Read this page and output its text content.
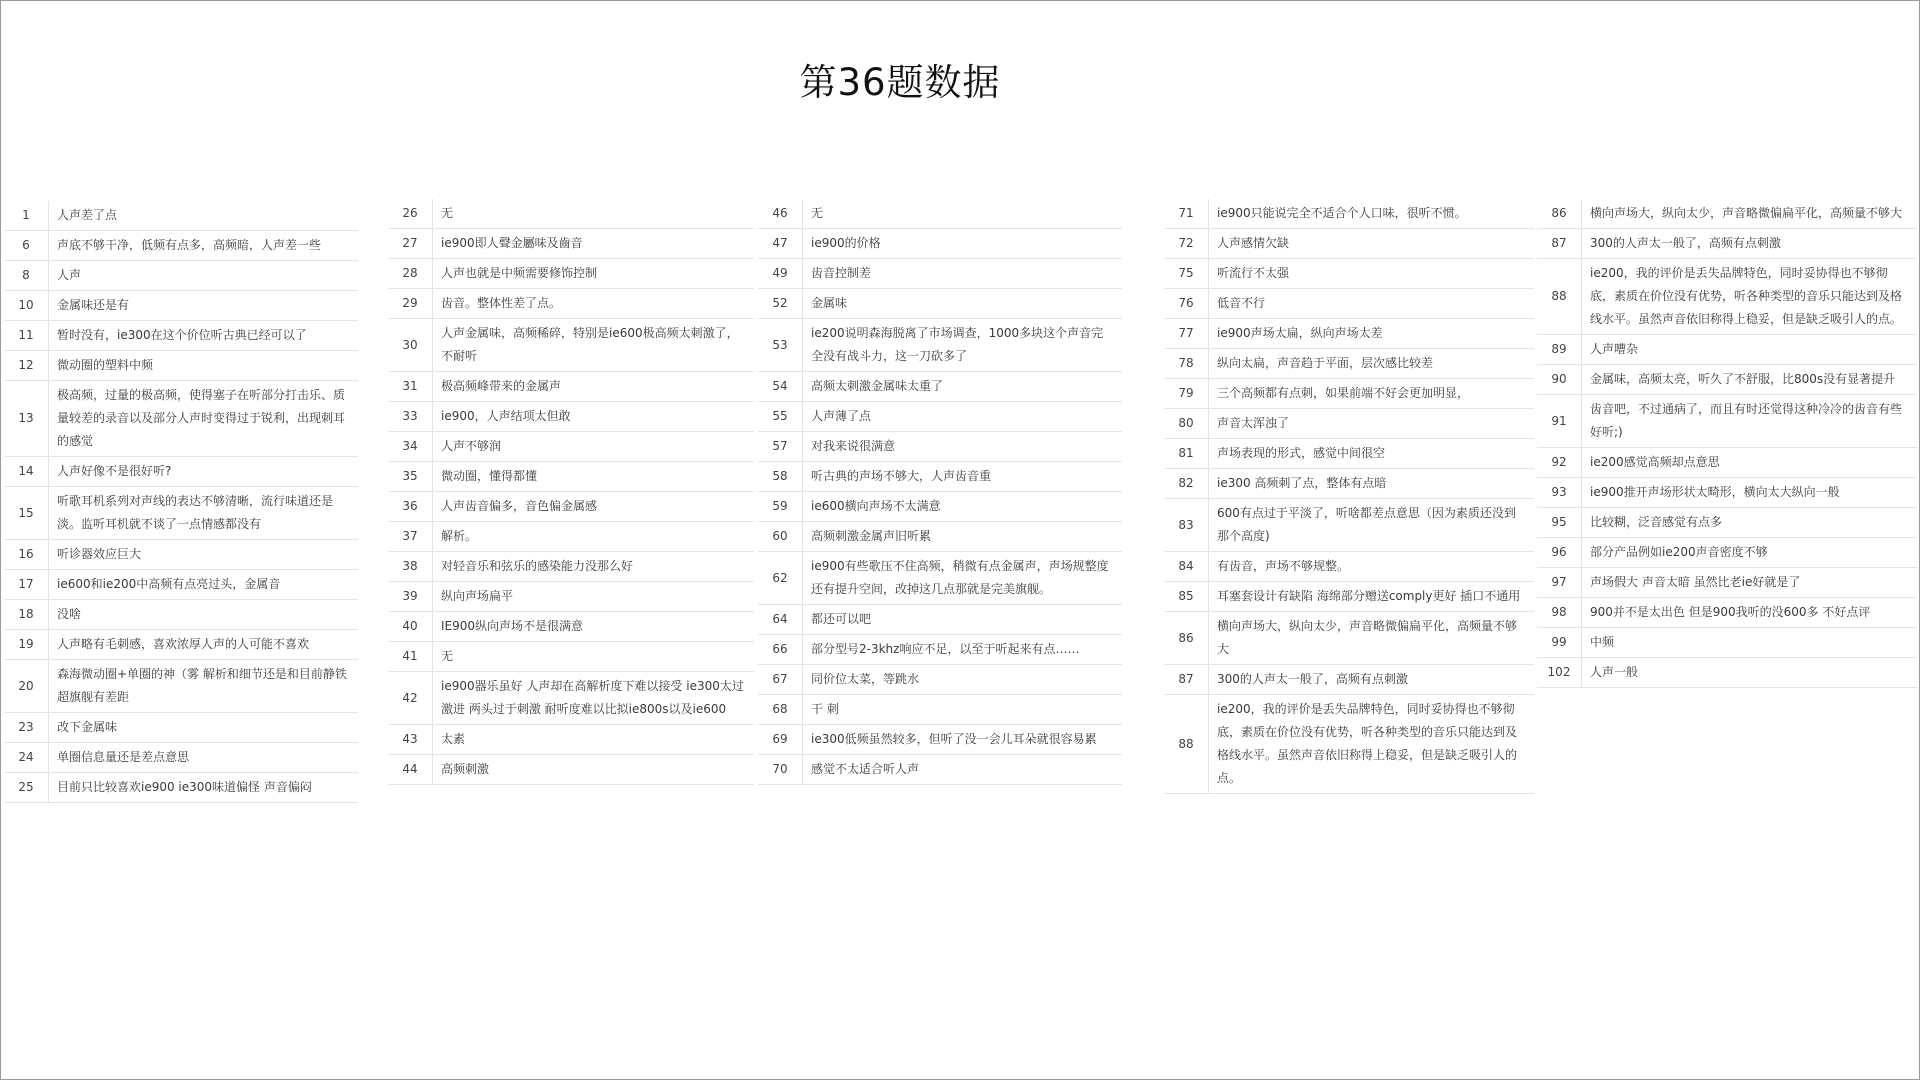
第36题数据
1	人声差了点
6	声底不够干净，低频有点多，高频暗，人声差一些
8	人声
10	金属味还是有
11	暂时没有，ie300在这个价位听古典已经可以了
12	微动圈的塑料中频
13
极高频，过量的极高频，使得塞子在听部分打击乐、质量较差的录音以及部分人声时变得过于锐利，出现刺耳的感觉
14	人声好像不是很好听?
15
听歌耳机系列对声线的表达不够清晰，流行味道还是淡。监听耳机就不谈了一点情感都没有
16	听诊器效应巨大
17	ie600和ie200中高频有点亮过头，金属音
18	没啥
19	人声略有毛刺感，喜欢浓厚人声的人可能不喜欢
20
森海微动圈+单圈的神（雾 解析和细节还是和目前静铁超旗舰有差距
23	改下金属味
24	单圈信息量还是差点意思
25	目前只比较喜欢ie900 ie300味道偏怪 声音偏闷
26	无
27	ie900即人聲金屬味及齒音
28	人声也就是中频需要修饰控制
29	齿音。整体性差了点。
30
人声金属味，高频稀碎，特别是ie600极高频太刺激了，不耐听
31	极高频峰带来的金属声
33	ie900，人声结项太但敢
34	人声不够润
35	微动圈，懂得都懂
36	人声齿音偏多，音色偏金属感
37	解析。
38	对轻音乐和弦乐的感染能力没那么好
39	纵向声场扁平
40	IE900纵向声场不是很满意
41	无
42
ie900器乐虽好 人声却在高解析度下难以接受 ie300太过激进 两头过于刺激 耐听度难以比拟ie800s以及ie600
43	太素
44	高频刺激
46	无
47	ie900的价格
49	齿音控制差
52	金属味
53
ie200说明森海脱离了市场调查，1000多块这个声音完全没有战斗力，这一刀砍多了
54	高频太刺激金属味太重了
55	人声薄了点
57	对我来说很满意
58	听古典的声场不够大，人声齿音重
59	ie600横向声场不太满意
60	高频刺激金属声旧听累
62
ie900有些歌压不住高频，稍微有点金属声，声场规整度还有提升空间，改掉这几点那就是完美旗舰。
64	都还可以吧
66	部分型号2-3khz响应不足，以至于听起来有点……
67	同价位太菜，等跳水
68	干 刺
69	ie300低频虽然较多，但听了没一会儿耳朵就很容易累
70	感觉不太适合听人声
71	ie900只能说完全不适合个人口味，很听不惯。
72	人声感情欠缺
75	听流行不太强
76	低音不行
77	ie900声场太扁，纵向声场太差
78	纵向太扁，声音趋于平面，层次感比较差
79	三个高频都有点刺，如果前端不好会更加明显，
80	声音太浑浊了
81	声场表现的形式，感觉中间很空
82	ie300 高频刺了点，整体有点暗
83
600有点过于平淡了，听啥都差点意思（因为素质还没到那个高度)
84	有齿音，声场不够规整。
85	耳塞套设计有缺陷 海绵部分赠送comply更好 插口不通用
86
横向声场大，纵向太少，声音略微偏扁平化，高频量不够大
87	300的人声太一般了，高频有点刺激
88
ie200，我的评价是丢失品牌特色，同时妥协得也不够彻底，素质在价位没有优势，听各种类型的音乐只能达到及格线水平。虽然声音依旧称得上稳妥，但是缺乏吸引人的点。
86	横向声场大，纵向太少，声音略微偏扁平化，高频量不够大
87	300的人声太一般了，高频有点刺激
88
ie200，我的评价是丢失品牌特色，同时妥协得也不够彻底，素质在价位没有优势，听各种类型的音乐只能达到及格线水平。虽然声音依旧称得上稳妥，但是缺乏吸引人的点。
89	人声嘈杂
90	金属味，高频太亮，听久了不舒服，比800s没有显著提升
91
齿音吧，不过通病了，而且有时还觉得这种冷冷的齿音有些好听;)
92	ie200感觉高频却点意思
93	ie900推开声场形状太畸形，横向太大纵向一般
95	比较糊，泛音感觉有点多
96	部分产品例如ie200声音密度不够
97	声场假大 声音太暗 虽然比老ie好就是了
98	900并不是太出色 但是900我听的没600多 不好点评
99	中频
102	人声一般
